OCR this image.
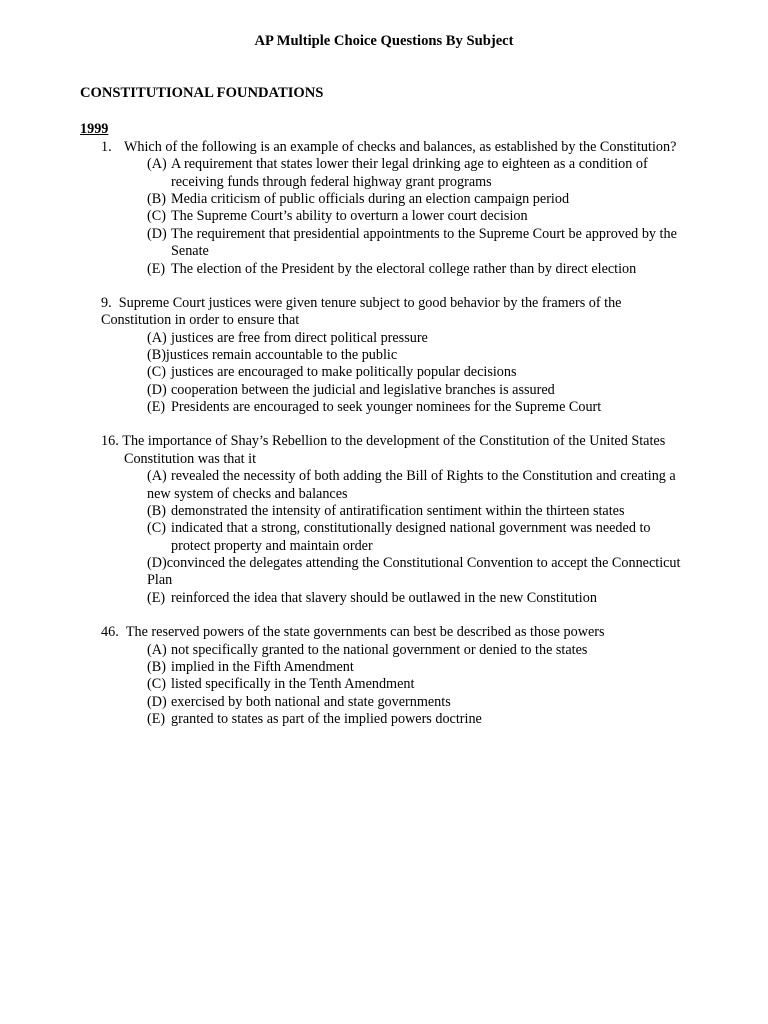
AP Multiple Choice Questions By Subject
CONSTITUTIONAL FOUNDATIONS
1999
1. Which of the following is an example of checks and balances, as established by the Constitution?
(A) A requirement that states lower their legal drinking age to eighteen as a condition of
receiving funds through federal highway grant programs
(B) Media criticism of public officials during an election campaign period
(C) The Supreme Court’s ability to overturn a lower court decision
(D) The requirement that presidential appointments to the Supreme Court be approved by the
Senate
(E) The election of the President by the electoral college rather than by direct election
9. Supreme Court justices were given tenure subject to good behavior by the framers of the
Constitution in order to ensure that
(A) justices are free from direct political pressure
(B)justices remain accountable to the public
(C) justices are encouraged to make politically popular decisions
(D) cooperation between the judicial and legislative branches is assured
(E) Presidents are encouraged to seek younger nominees for the Supreme Court
16. The importance of Shay’s Rebellion to the development of the Constitution of the United States
Constitution was that it
(A) revealed the necessity of both adding the Bill of Rights to the Constitution and creating a
new system of checks and balances
(B) demonstrated the intensity of antiratification sentiment within the thirteen states
(C) indicated that a strong, constitutionally designed national government was needed to
protect property and maintain order
(D)convinced the delegates attending the Constitutional Convention to accept the Connecticut
Plan
(E) reinforced the idea that slavery should be outlawed in the new Constitution
46. The reserved powers of the state governments can best be described as those powers
(A) not specifically granted to the national government or denied to the states
(B) implied in the Fifth Amendment
(C) listed specifically in the Tenth Amendment
(D) exercised by both national and state governments
(E) granted to states as part of the implied powers doctrine
